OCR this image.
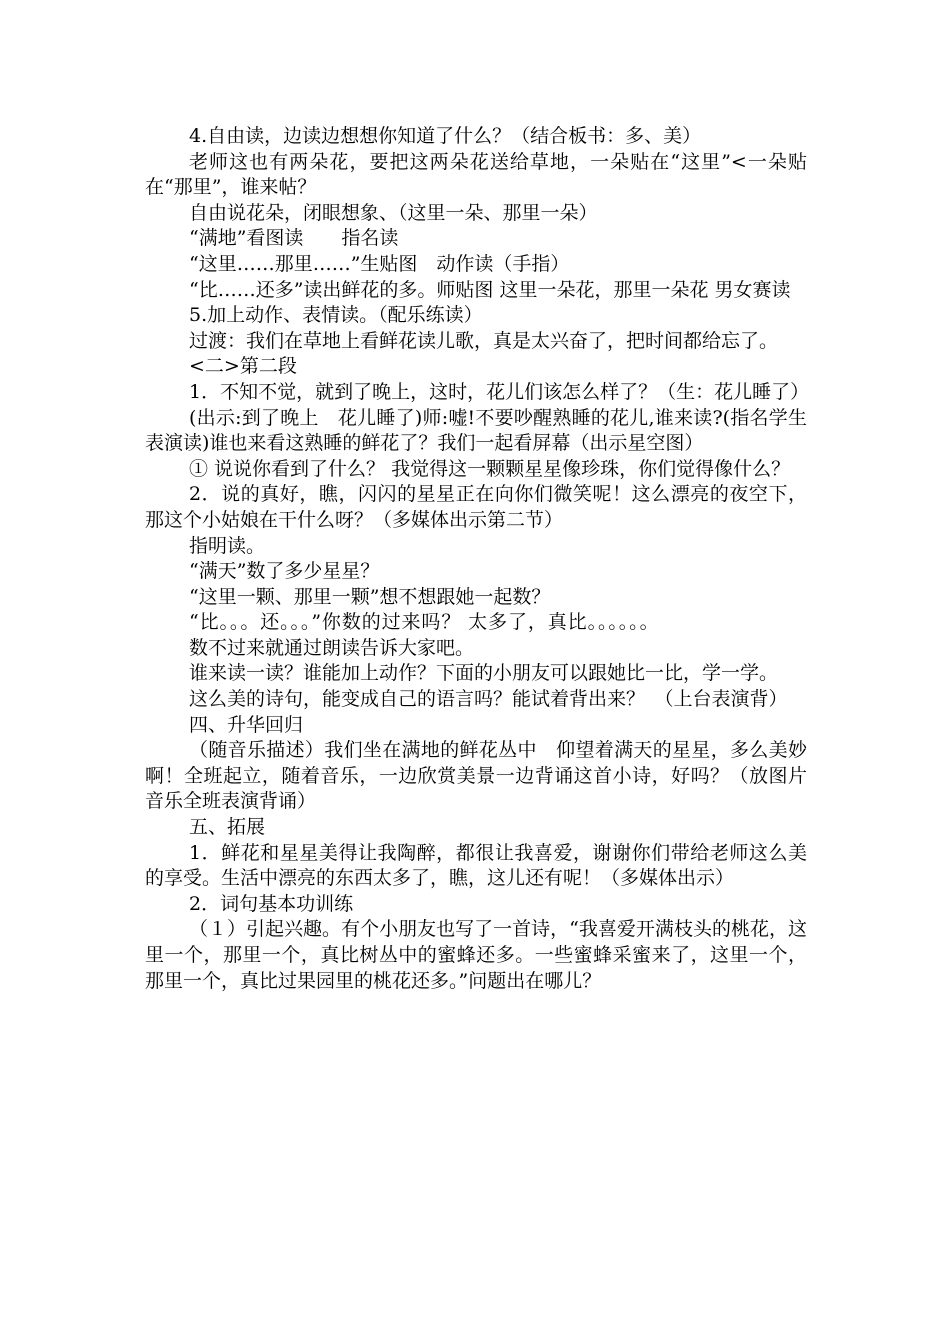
4.自由读，边读边想想你知道了什么？（结合板书：多、美）

老师这也有两朵花，要把这两朵花送给草地，一朵贴在“这里”<一朵贴在“那里”，谁来帖？

自由说花朵，闭眼想象、（这里一朵、那里一朵）

“满地”看图读　　指名读

“这里……那里……”生贴图　动作读（手指）

“比……还多”读出鲜花的多。师贴图 这里一朵花，那里一朵花 男女赛读

5.加上动作、表情读。（配乐练读）

过渡：我们在草地上看鲜花读儿歌，真是太兴奋了，把时间都给忘了。

<二>第二段

1．不知不觉，就到了晚上，这时，花儿们该怎么样了？（生：花儿睡了）

(出示:到了晚上　花儿睡了)师:嘘!不要吵醒熟睡的花儿,谁来读?(指名学生表演读)谁也来看这熟睡的鲜花了？我们一起看屏幕（出示星空图）

① 说说你看到了什么？ 我觉得这一颗颗星星像珍珠，你们觉得像什么？

2．说的真好，瞧，闪闪的星星正在向你们微笑呢！这么漂亮的夜空下，那这个小姑娘在干什么呀？（多媒体出示第二节）

指明读。

“满天”数了多少星星？

“这里一颗、那里一颗”想不想跟她一起数？

“比。。。还。。。”你数的过来吗？ 太多了，真比。。。。。。

数不过来就通过朗读告诉大家吧。

谁来读一读？谁能加上动作？下面的小朋友可以跟她比一比，学一学。

这么美的诗句，能变成自己的语言吗？能试着背出来？　（上台表演背）

四、升华回归

（随音乐描述）我们坐在满地的鲜花丛中　仰望着满天的星星，多么美妙啊！全班起立，随着音乐，一边欣赏美景一边背诵这首小诗，好吗？（放图片　音乐全班表演背诵）

五、拓展

1．鲜花和星星美得让我陶醉，都很让我喜爱，谢谢你们带给老师这么美的享受。生活中漂亮的东西太多了，瞧，这儿还有呢！（多媒体出示）

2．词句基本功训练

（１）引起兴趣。有个小朋友也写了一首诗，“我喜爱开满枝头的桃花，这里一个，那里一个，真比树丛中的蜜蜂还多。一些蜜蜂采蜜来了，这里一个，那里一个，真比过果园里的桃花还多。”问题出在哪儿？
